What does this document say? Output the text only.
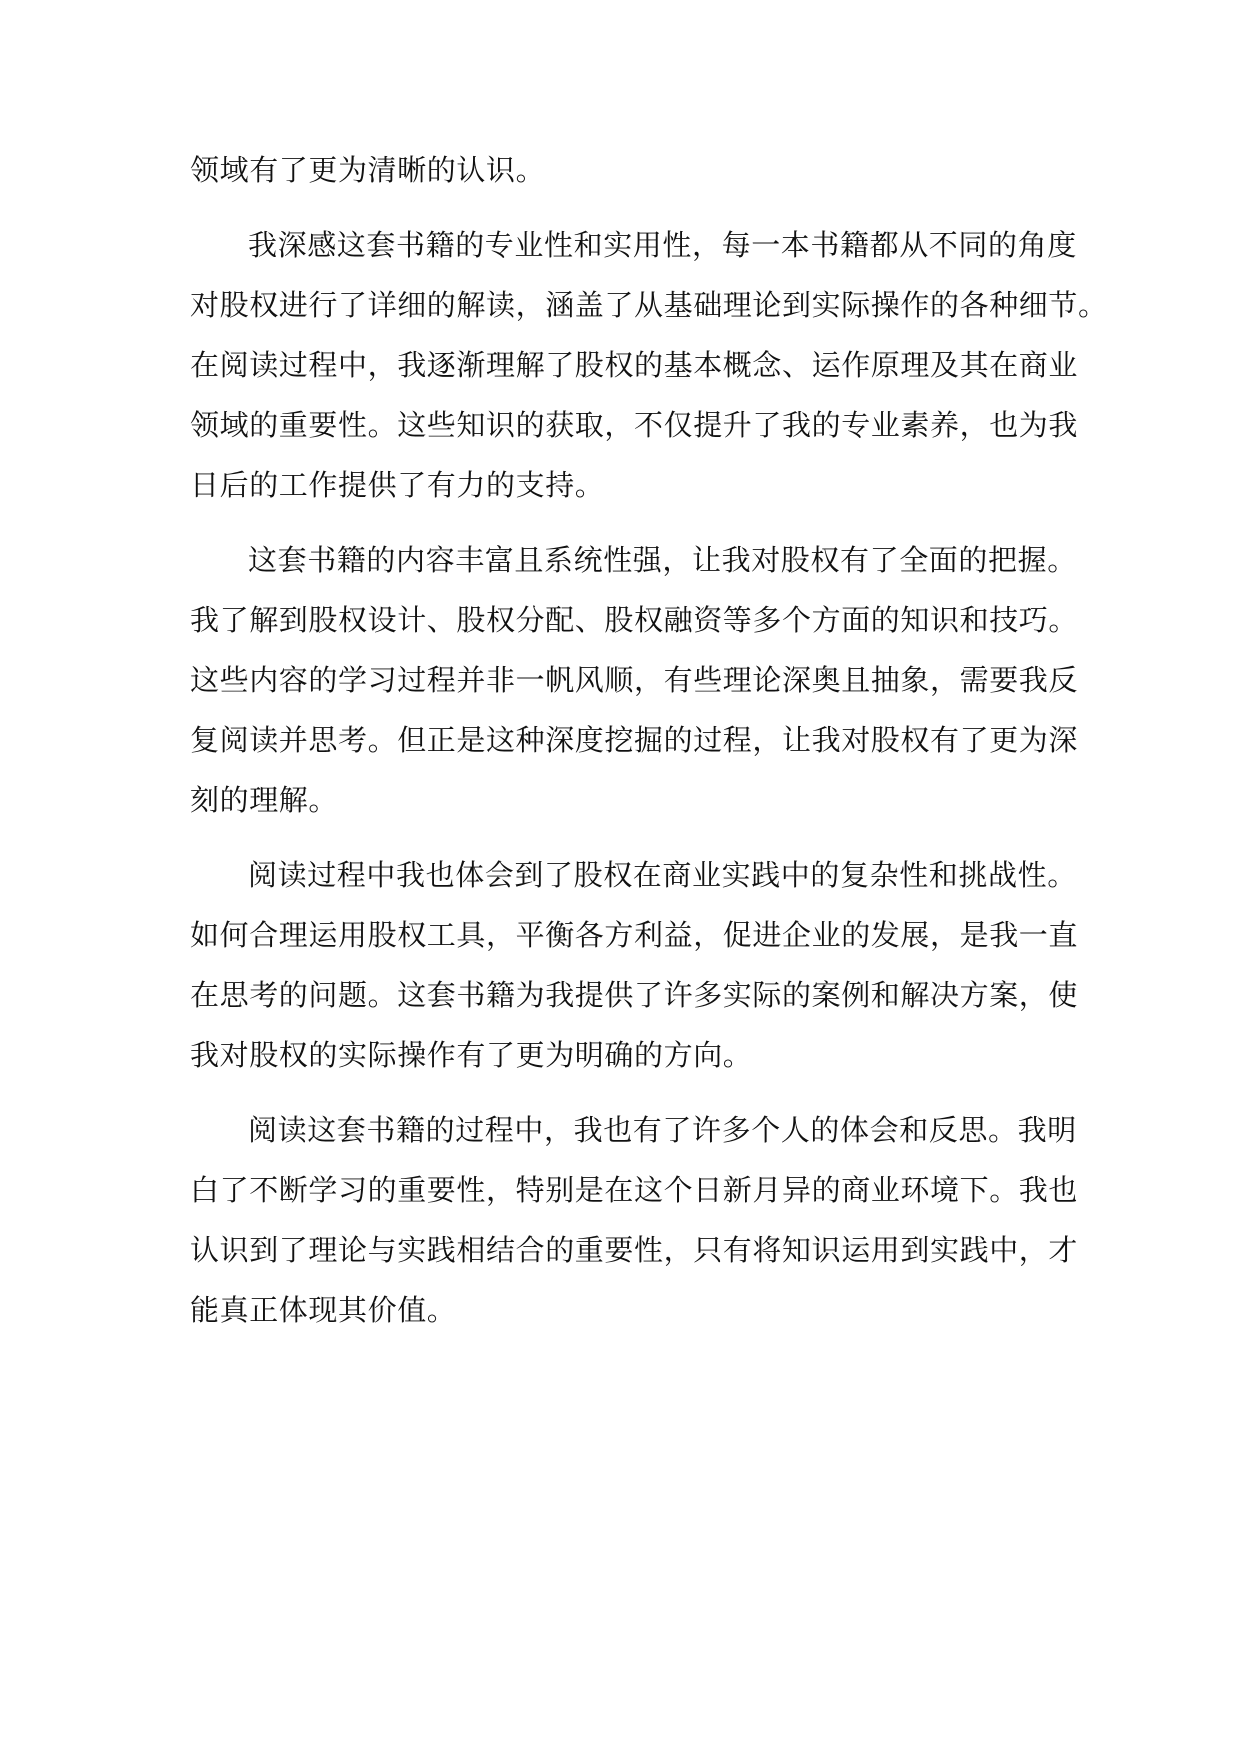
领域有了更为清晰的认识。
我深感这套书籍的专业性和实用性，每一本书籍都从不同的角度
对股权进行了详细的解读，涵盖了从基础理论到实际操作的各种细节。
在阅读过程中，我逐渐理解了股权的基本概念、运作原理及其在商业
领域的重要性。这些知识的获取，不仅提升了我的专业素养，也为我
日后的工作提供了有力的支持。
这套书籍的内容丰富且系统性强，让我对股权有了全面的把握。
我了解到股权设计、股权分配、股权融资等多个方面的知识和技巧。
这些内容的学习过程并非一帆风顺，有些理论深奥且抽象，需要我反
复阅读并思考。但正是这种深度挖掘的过程，让我对股权有了更为深
刻的理解。
阅读过程中我也体会到了股权在商业实践中的复杂性和挑战性。
如何合理运用股权工具，平衡各方利益，促进企业的发展，是我一直
在思考的问题。这套书籍为我提供了许多实际的案例和解决方案，使
我对股权的实际操作有了更为明确的方向。
阅读这套书籍的过程中，我也有了许多个人的体会和反思。我明
白了不断学习的重要性，特别是在这个日新月异的商业环境下。我也
认识到了理论与实践相结合的重要性，只有将知识运用到实践中，才
能真正体现其价值。
